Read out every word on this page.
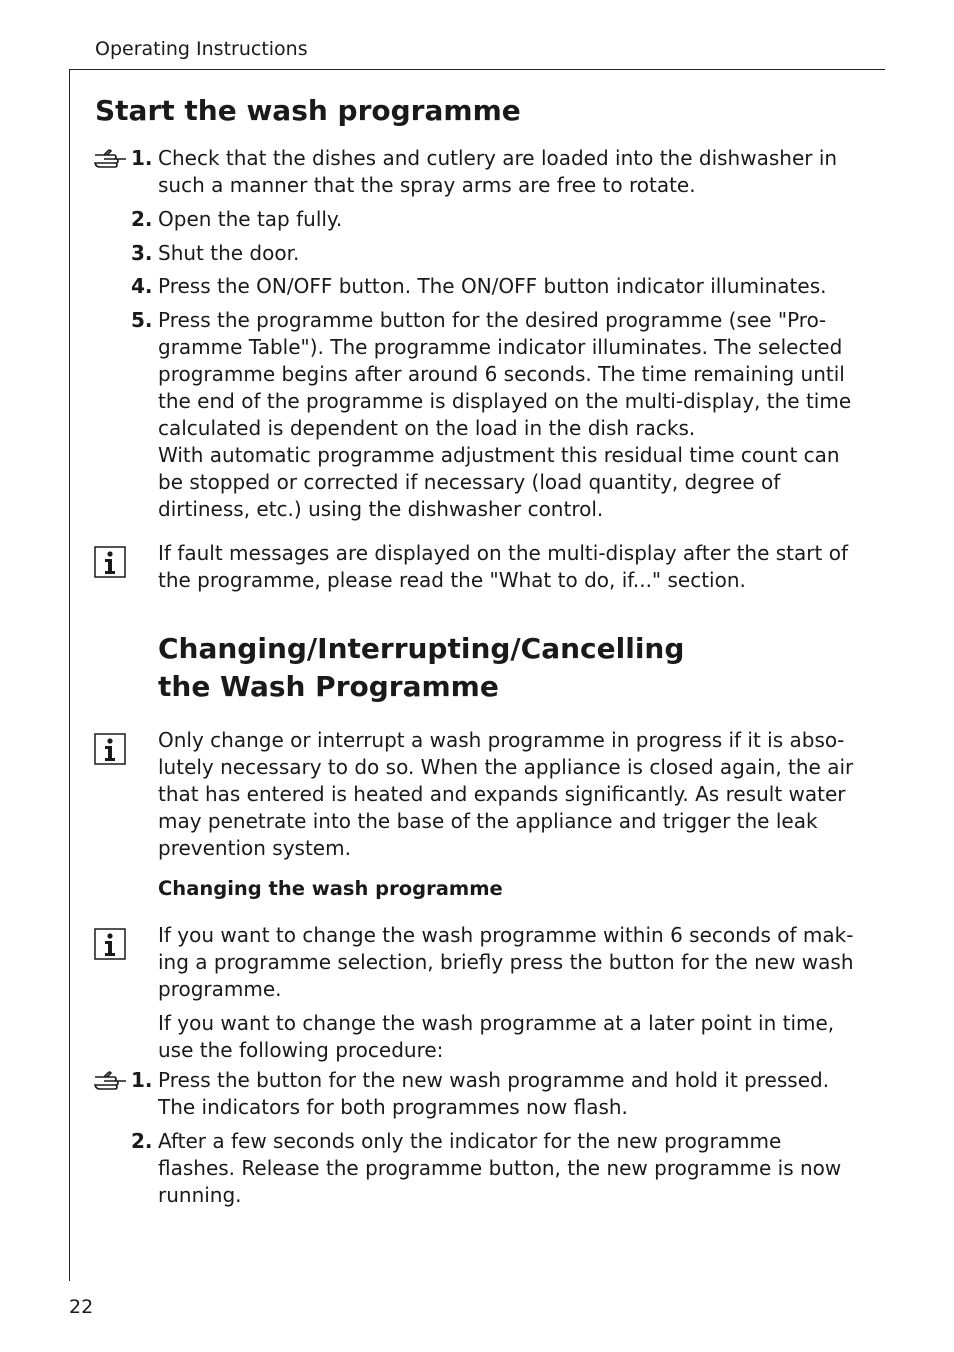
Operating Instructions
Start the wash programme
1. Check that the dishes and cutlery are loaded into the dishwasher in such a manner that the spray arms are free to rotate.

2. Open the tap fully.

3. Shut the door.

4. Press the ON/OFF button. The ON/OFF button indicator illuminates.

5. Press the programme button for the desired programme (see "Programme Table"). The programme indicator illuminates. The selected programme begins after around 6 seconds. The time remaining until the end of the programme is displayed on the multi-display, the time calculated is dependent on the load in the dish racks.

With automatic programme adjustment this residual time count can be stopped or corrected if necessary (load quantity, degree of dirtiness, etc.) using the dishwasher control.

If fault messages are displayed on the multi-display after the start of the programme, please read the "What to do, if..." section.

Changing/Interrupting/Cancelling
the Wash Programme

Only change or interrupt a wash programme in progress if it is absolutely necessary to do so. When the appliance is closed again, the air that has entered is heated and expands significantly. As result water may penetrate into the base of the appliance and trigger the leak prevention system.

Changing the wash programme

If you want to change the wash programme within 6 seconds of making a programme selection, briefly press the button for the new wash programme.

If you want to change the wash programme at a later point in time, use the following procedure:

1. Press the button for the new wash programme and hold it pressed. The indicators for both programmes now flash.

2. After a few seconds only the indicator for the new programme flashes. Release the programme button, the new programme is now running.

22
